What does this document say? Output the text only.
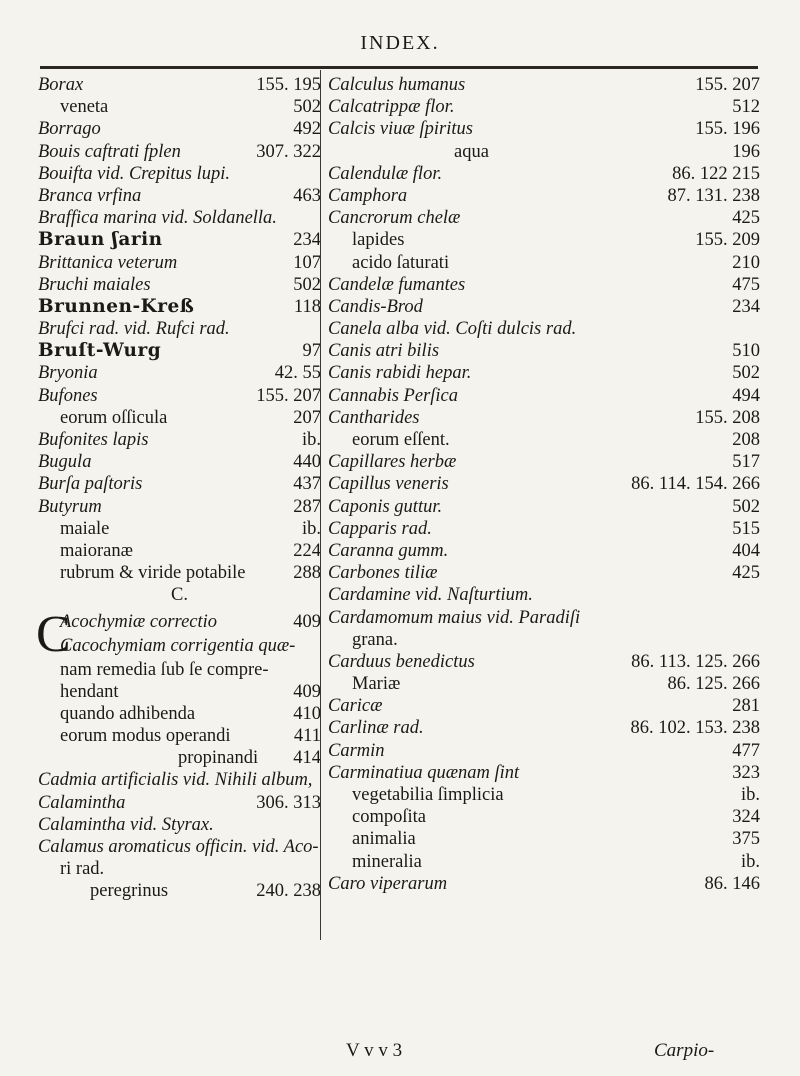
INDEX.
Borax	155. 195
veneta	502
Borrago	492
Bouis caftrati fplen	307. 322
Bouifta vid. Crepitus lupi.
Branca vrfina	463
Braffica marina vid. Soldanella.
Braun ʃarin	234
Brittanica veterum	107
Bruchi maiales	502
Brunnen-Kreß	118
Brufci rad. vid. Rufci rad.
Bruſt-Wurg	97
Bryonia	42. 55
Bufones	155. 207
eorum oſſicula	207
Bufonites lapis	ib.
Bugula	440
Burſa paſtoris	437
Butyrum	287
maiale	ib.
maioranæ	224
rubrum & viride potabile	288
C.
C
Acochymiæ correctio	409
Cacochymiam corrigentia quæ-
nam remedia ſub ſe compre-
hendant	409
quando adhibenda	410
eorum modus operandi	411
propinandi 414
Cadmia artificialis vid. Nihili album,
Calamintha	306. 313
Calamintha vid. Styrax.
Calamus aromaticus officin. vid. Aco-
ri rad.
peregrinus	240. 238
Calculus humanus	155. 207
Calcatrippæ flor.	512
Calcis viuæ ſpiritus	155. 196
aqua	196
Calendulæ flor.	86. 122 215
Camphora	87. 131. 238
Cancrorum chelæ	425
lapides	155. 209
acido ſaturati	210
Candelæ fumantes	475
Candis-Brod	234
Canela alba vid. Coſti dulcis rad.
Canis atri bilis	510
Canis rabidi hepar.	502
Cannabis Perſica	494
Cantharides	155. 208
eorum eſſent.	208
Capillares herbæ	517
Capillus veneris	86. 114. 154. 266
Caponis guttur.	502
Capparis rad.	515
Caranna gumm.	404
Carbones tiliæ	425
Cardamine vid. Naſturtium.
Cardamomum maius vid. Paradiſi
grana.
Carduus benedictus	86. 113. 125. 266
Mariæ	86. 125. 266
Caricæ	281
Carlinæ rad.	86. 102. 153. 238
Carmin	477
Carminatiua quænam ſint	323
vegetabilia ſimplicia	ib.
compoſita	324
animalia	375
mineralia	ib.
Caro viperarum	86. 146
V v v 3	Carpio-
